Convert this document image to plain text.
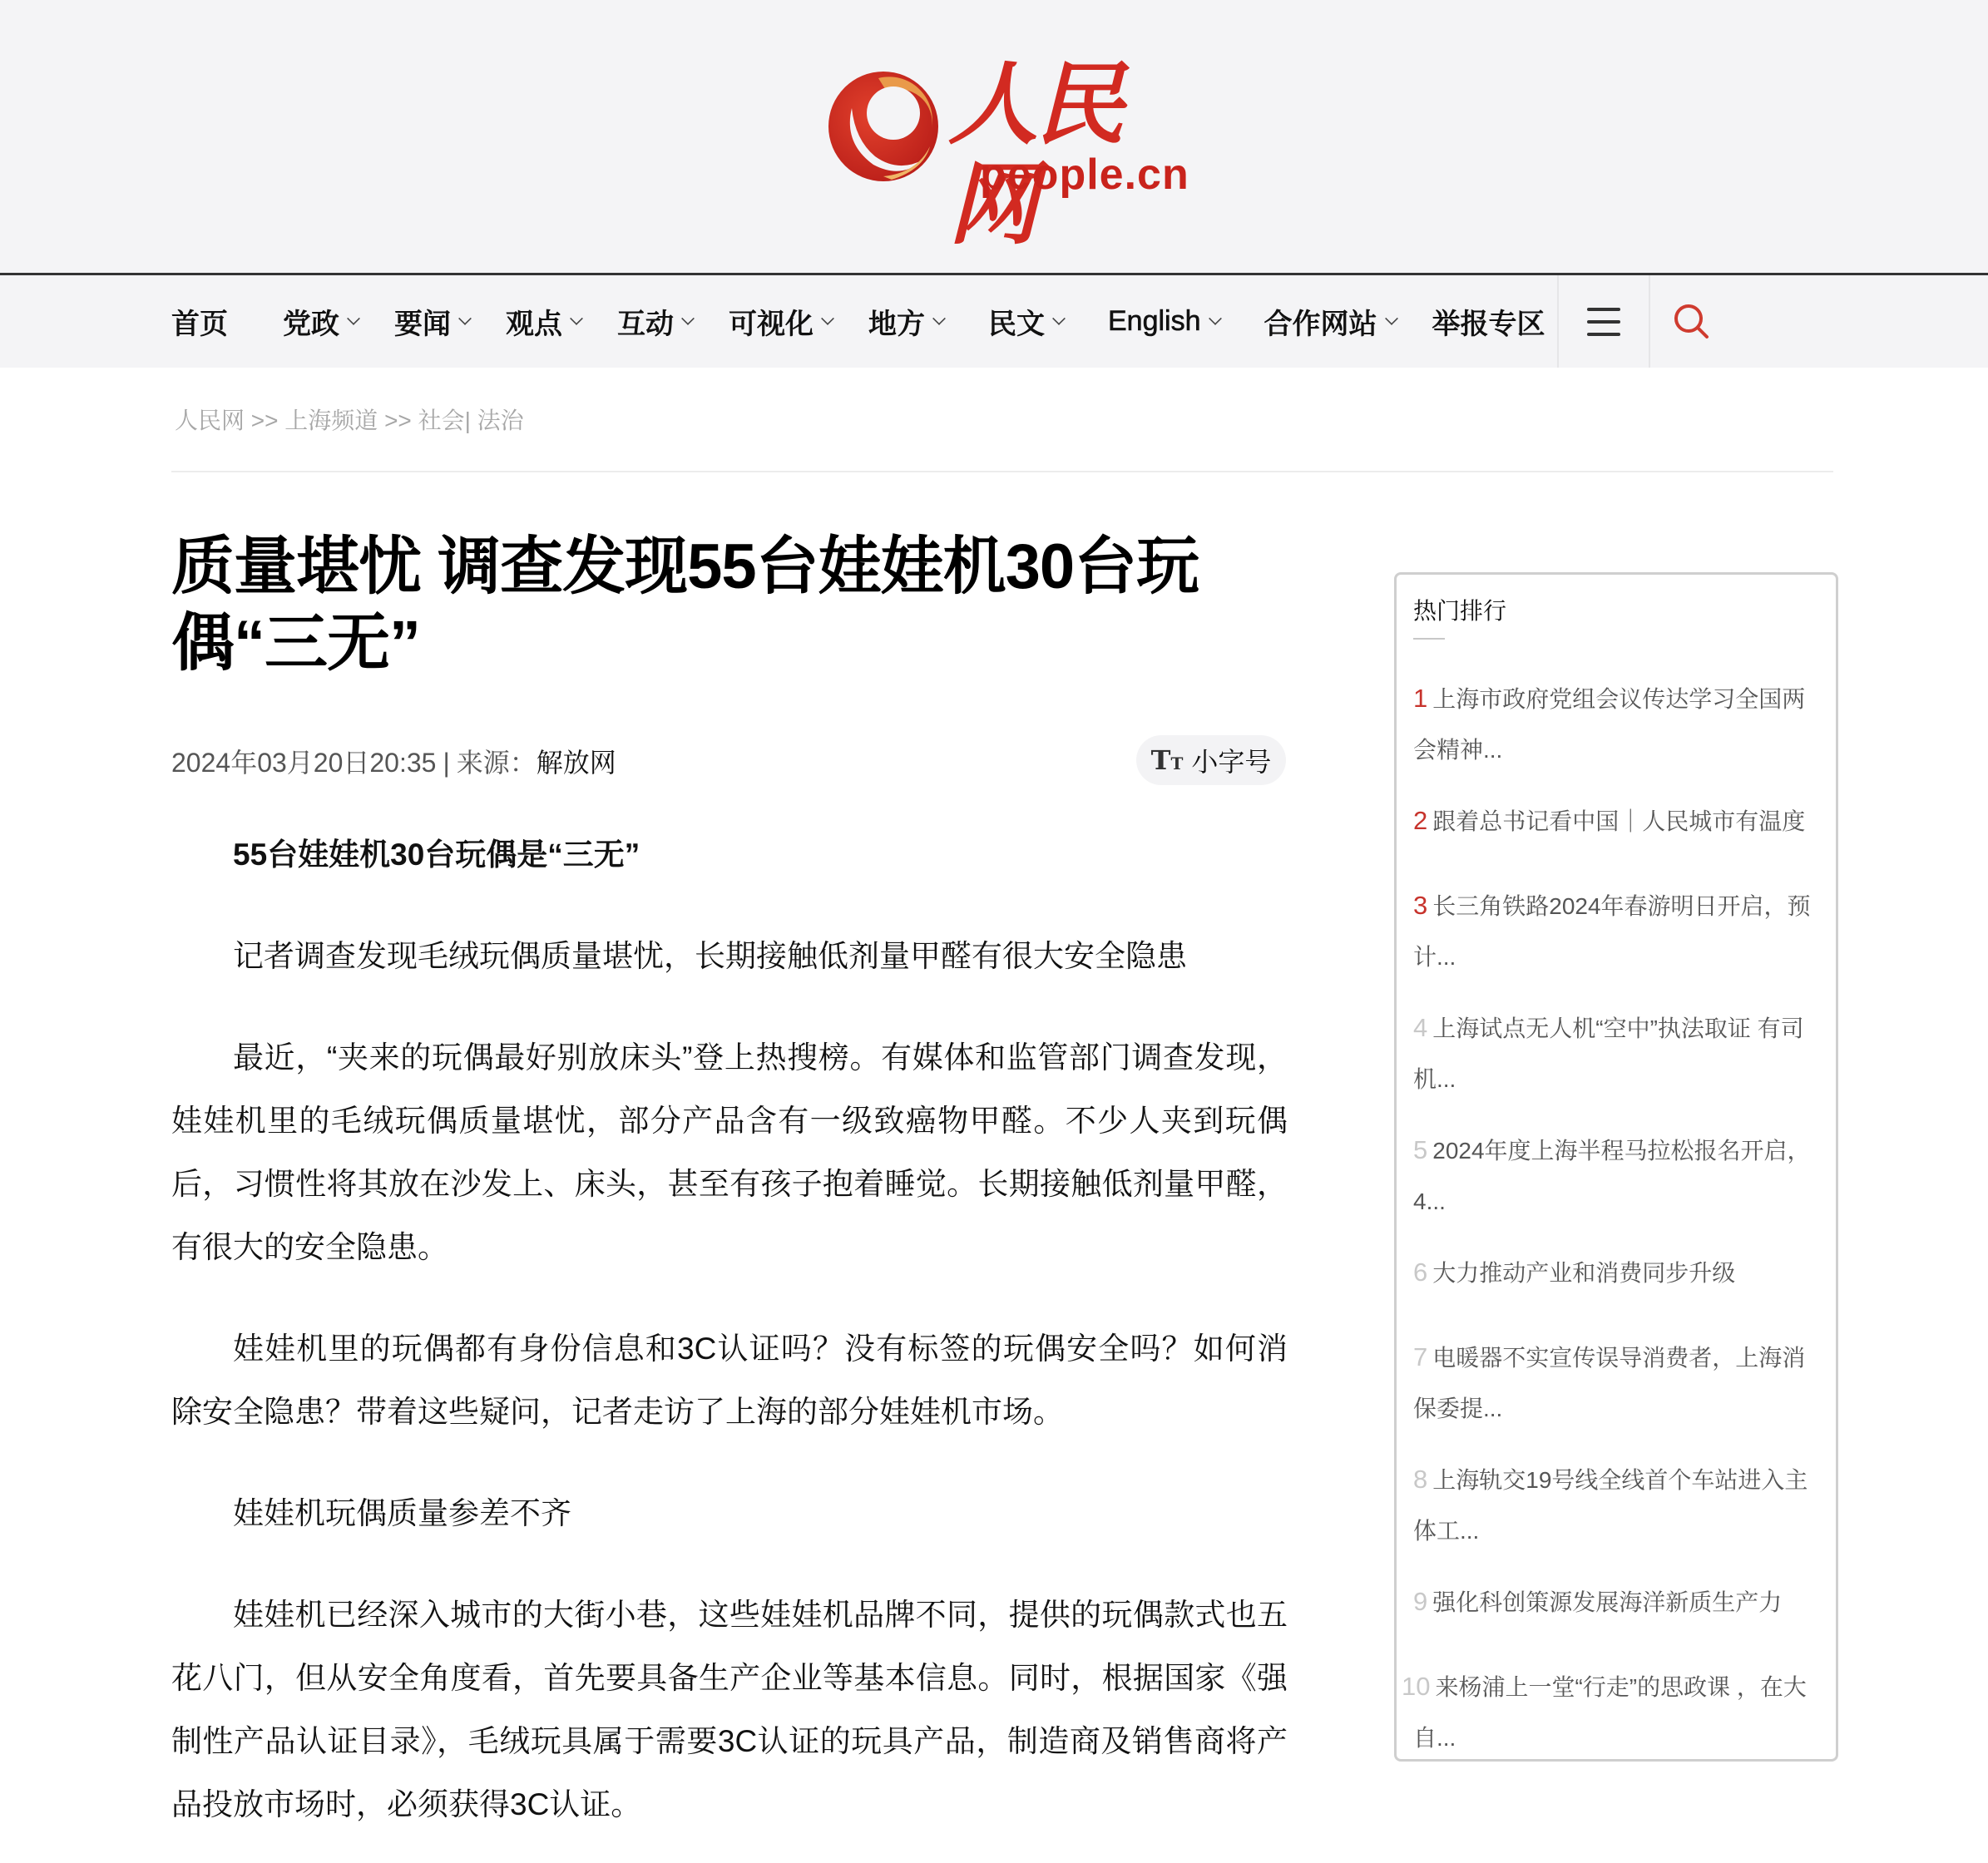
人民网
people.cn
首页 党政 要闻 观点 互动 可视化 地方 民文 English 合作网站 举报专区
人民网 >> 上海频道 >> 社会| 法治
质量堪忧 调查发现55台娃娃机30台玩偶“三无”
2024年03月20日20:35 | 来源：解放网	TT 小字号

55台娃娃机30台玩偶是“三无”

记者调查发现毛绒玩偶质量堪忧，长期接触低剂量甲醛有很大安全隐患

最近，“夹来的玩偶最好别放床头”登上热搜榜。有媒体和监管部门调查发现，娃娃机里的毛绒玩偶质量堪忧，部分产品含有一级致癌物甲醛。不少人夹到玩偶后，习惯性将其放在沙发上、床头，甚至有孩子抱着睡觉。长期接触低剂量甲醛，有很大的安全隐患。

娃娃机里的玩偶都有身份信息和3C认证吗？没有标签的玩偶安全吗？如何消除安全隐患？带着这些疑问，记者走访了上海的部分娃娃机市场。

娃娃机玩偶质量参差不齐

娃娃机已经深入城市的大街小巷，这些娃娃机品牌不同，提供的玩偶款式也五花八门，但从安全角度看，首先要具备生产企业等基本信息。同时，根据国家《强制性产品认证目录》，毛绒玩具属于需要3C认证的玩具产品，制造商及销售商将产品投放市场时，必须获得3C认证。

热门排行
1 上海市政府党组会议传达学习全国两会精神...
2 跟着总书记看中国｜人民城市有温度
3 长三角铁路2024年春游明日开启，预计...
4 上海试点无人机“空中”执法取证 有司机...
5 2024年度上海半程马拉松报名开启，4...
6 大力推动产业和消费同步升级
7 电暖器不实宣传误导消费者，上海消保委提...
8 上海轨交19号线全线首个车站进入主体工...
9 强化科创策源发展海洋新质生产力
10 来杨浦上一堂“行走”的思政课 ，在大自...
